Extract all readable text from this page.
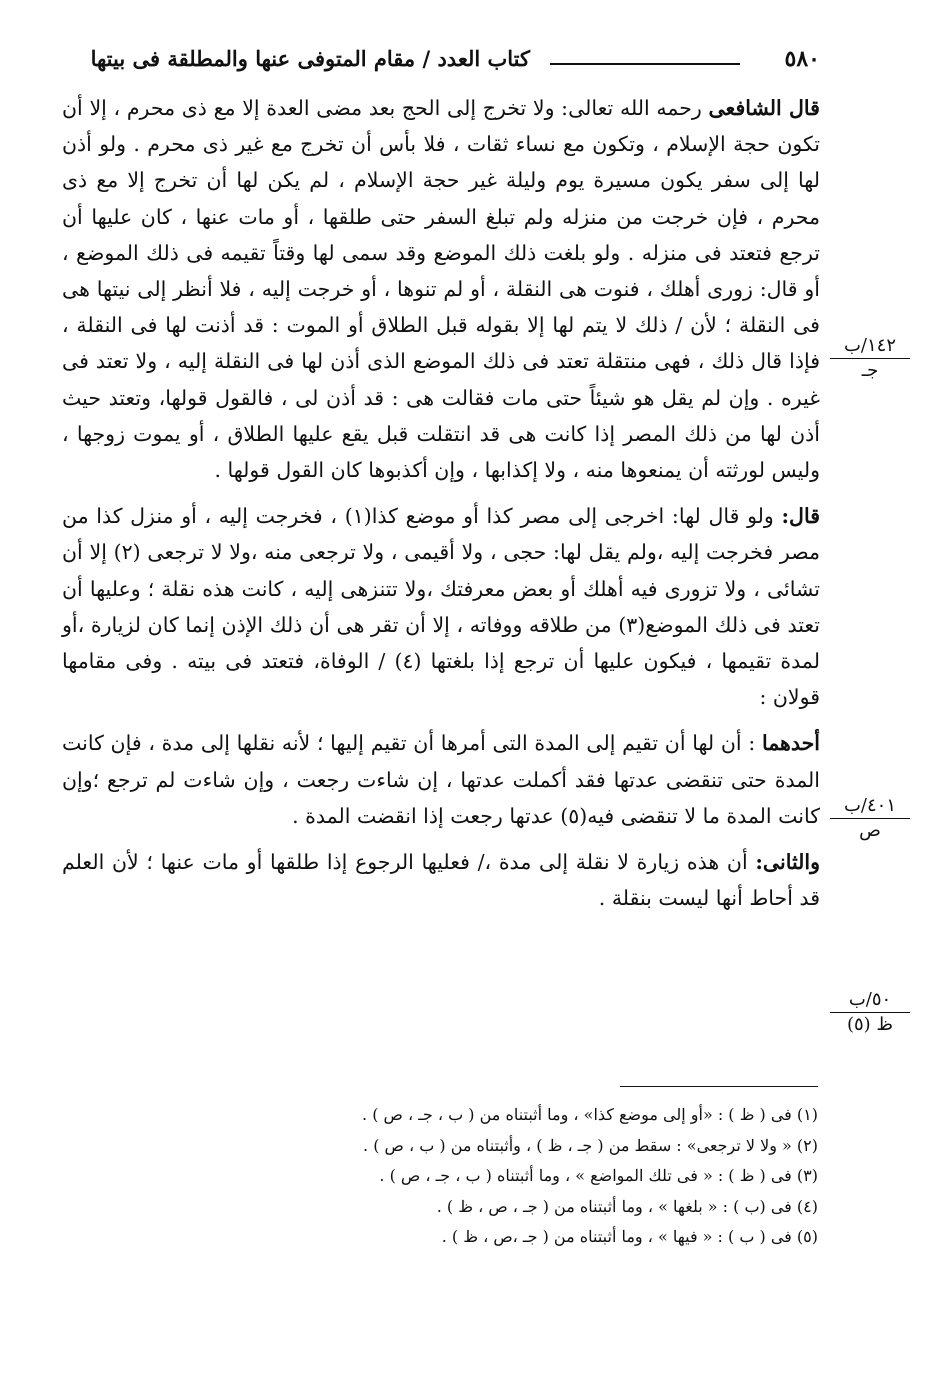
٥٨٠
كتاب العدد / مقام المتوفى عنها والمطلقة فى بيتها

قال الشافعى رحمه الله تعالى: ولا تخرج إلى الحج بعد مضى العدة إلا مع ذى محرم ، إلا أن تكون حجة الإسلام ، وتكون مع نساء ثقات ، فلا بأس أن تخرج مع غير ذى محرم . ولو أذن لها إلى سفر يكون مسيرة يوم وليلة غير حجة الإسلام ، لم يكن لها أن تخرج إلا مع ذى محرم ، فإن خرجت من منزله ولم تبلغ السفر حتى طلقها ، أو مات عنها ، كان عليها أن ترجع فتعتد فى منزله . ولو بلغت ذلك الموضع وقد سمى لها وقتاً تقيمه فى ذلك الموضع ، أو قال: زورى أهلك ، فنوت هى النقلة ، أو لم تنوها ، أو خرجت إليه ، فلا أنظر إلى نيتها هى فى النقلة ؛ لأن / ذلك لا يتم لها إلا بقوله قبل الطلاق أو الموت : قد أذنت لها فى النقلة ، فإذا قال ذلك ، فهى منتقلة تعتد فى ذلك الموضع الذى أذن لها فى النقلة إليه ، ولا تعتد فى غيره . وإن لم يقل هو شيئاً حتى مات فقالت هى : قد أذن لى ، فالقول قولها، وتعتد حيث أذن لها من ذلك المصر إذا كانت هى قد انتقلت قبل يقع عليها الطلاق ، أو يموت زوجها ، وليس لورثته أن يمنعوها منه ، ولا إكذابها ، وإن أكذبوها كان القول قولها .

قال: ولو قال لها: اخرجى إلى مصر كذا أو موضع كذا(١) ، فخرجت إليه ، أو منزل كذا من مصر فخرجت إليه ،ولم يقل لها: حجى ، ولا أقيمى ، ولا ترجعى منه ،ولا لا ترجعى (٢) إلا أن تشائى ، ولا تزورى فيه أهلك أو بعض معرفتك ،ولا تتنزهى إليه ، كانت هذه نقلة ؛ وعليها أن تعتد فى ذلك الموضع(٣) من طلاقه ووفاته ، إلا أن تقر هى أن ذلك الإذن إنما كان لزيارة ،أو لمدة تقيمها ، فيكون عليها أن ترجع إذا بلغتها (٤) / الوفاة، فتعتد فى بيته . وفى مقامها قولان :

أحدهما : أن لها أن تقيم إلى المدة التى أمرها أن تقيم إليها ؛ لأنه نقلها إلى مدة ، فإن كانت المدة حتى تنقضى عدتها فقد أكملت عدتها ، إن شاءت رجعت ، وإن شاءت لم ترجع ؛وإن كانت المدة ما لا تنقضى فيه(٥) عدتها رجعت إذا انقضت المدة .

والثانى: أن هذه زيارة لا نقلة إلى مدة ،/ فعليها الرجوع إذا طلقها أو مات عنها ؛ لأن العلم قد أحاط أنها ليست بنقلة .

١٤٢/ب
جـ
٤٠١/ب
ص
٥٠/ب
ظ (٥)

(١) فى ( ظ ) : «أو إلى موضع كذا» ، وما أثبتناه من ( ب ، جـ ، ص ) .

(٢) « ولا لا ترجعى» : سقط من ( جـ ، ظ ) ، وأثبتناه من ( ب ، ص ) .

(٣) فى ( ظ ) : « فى تلك المواضع » ، وما أثبتناه ( ب ، جـ ، ص ) .

(٤) فى (ب ) : « بلغها » ، وما أثبتناه من ( جـ ، ص ، ظ ) .

(٥) فى ( ب ) : « فيها » ، وما أثبتناه من ( جـ ،ص ، ظ ) .
